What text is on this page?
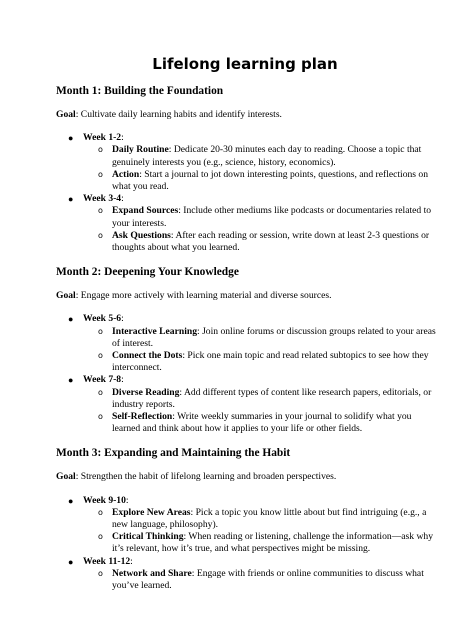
Lifelong learning plan
Month 1: Building the Foundation

Goal: Cultivate daily learning habits and identify interests.

● Week 1-2:
o Daily Routine: Dedicate 20-30 minutes each day to reading. Choose a topic that genuinely interests you (e.g., science, history, economics).
o Action: Start a journal to jot down interesting points, questions, and reflections on what you read.
● Week 3-4:
o Expand Sources: Include other mediums like podcasts or documentaries related to your interests.
o Ask Questions: After each reading or session, write down at least 2-3 questions or thoughts about what you learned.
Month 2: Deepening Your Knowledge

Goal: Engage more actively with learning material and diverse sources.

● Week 5-6:
o Interactive Learning: Join online forums or discussion groups related to your areas of interest.
o Connect the Dots: Pick one main topic and read related subtopics to see how they interconnect.
● Week 7-8:
o Diverse Reading: Add different types of content like research papers, editorials, or industry reports.
o Self-Reflection: Write weekly summaries in your journal to solidify what you learned and think about how it applies to your life or other fields.
Month 3: Expanding and Maintaining the Habit

Goal: Strengthen the habit of lifelong learning and broaden perspectives.

● Week 9-10:
o Explore New Areas: Pick a topic you know little about but find intriguing (e.g., a new language, philosophy).
o Critical Thinking: When reading or listening, challenge the information—ask why it’s relevant, how it’s true, and what perspectives might be missing.
● Week 11-12:
o Network and Share: Engage with friends or online communities to discuss what you’ve learned.
